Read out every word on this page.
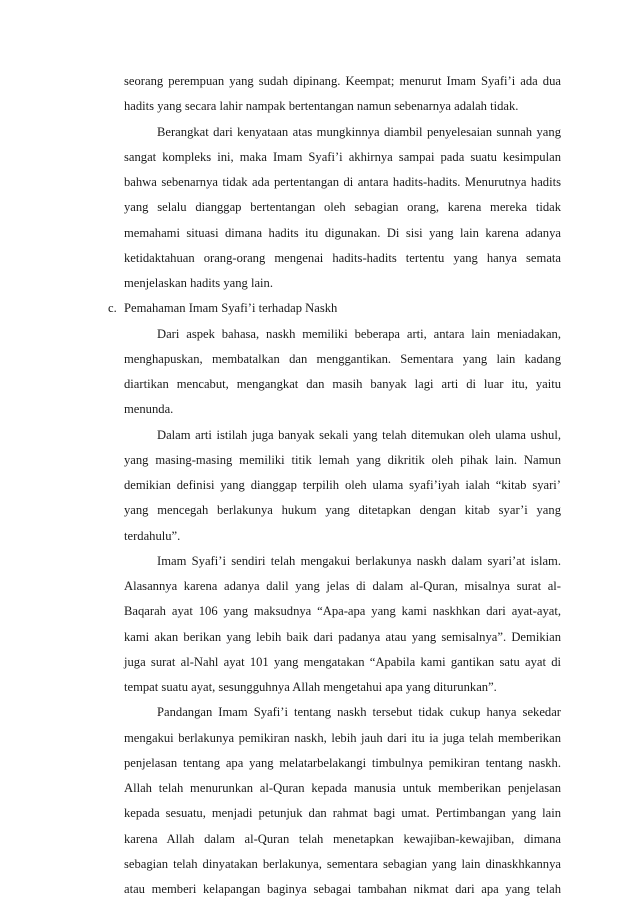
seorang perempuan yang sudah dipinang. Keempat; menurut Imam Syafi’i ada dua
hadits yang secara lahir nampak bertentangan namun sebenarnya adalah tidak.
Berangkat dari kenyataan atas mungkinnya diambil penyelesaian sunnah yang
sangat kompleks ini, maka Imam Syafi’i akhirnya sampai pada suatu kesimpulan
bahwa sebenarnya tidak ada pertentangan di antara hadits-hadits. Menurutnya hadits
yang selalu dianggap bertentangan oleh sebagian orang, karena mereka tidak
memahami situasi dimana hadits itu digunakan. Di sisi yang lain karena adanya
ketidaktahuan orang-orang mengenai hadits-hadits tertentu yang hanya semata
menjelaskan hadits yang lain.
c. Pemahaman Imam Syafi’i terhadap Naskh
Dari aspek bahasa, naskh memiliki beberapa arti, antara lain meniadakan,
menghapuskan, membatalkan dan menggantikan. Sementara yang lain kadang
diartikan mencabut, mengangkat dan masih banyak lagi arti di luar itu, yaitu
menunda.
Dalam arti istilah juga banyak sekali yang telah ditemukan oleh ulama ushul,
yang masing-masing memiliki titik lemah yang dikritik oleh pihak lain. Namun
demikian definisi yang dianggap terpilih oleh ulama syafi’iyah ialah “kitab syari’
yang mencegah berlakunya hukum yang ditetapkan dengan kitab syar’i yang
terdahulu”.
Imam Syafi’i sendiri telah mengakui berlakunya naskh dalam syari’at islam.
Alasannya karena adanya dalil yang jelas di dalam al-Quran, misalnya surat al-
Baqarah ayat 106 yang maksudnya “Apa-apa yang kami naskhkan dari ayat-ayat,
kami akan berikan yang lebih baik dari padanya atau yang semisalnya”. Demikian
juga surat al-Nahl ayat 101 yang mengatakan “Apabila kami gantikan satu ayat di
tempat suatu ayat, sesungguhnya Allah mengetahui apa yang diturunkan”.
Pandangan Imam Syafi’i tentang naskh tersebut tidak cukup hanya sekedar
mengakui berlakunya pemikiran naskh, lebih jauh dari itu ia juga telah memberikan
penjelasan tentang apa yang melatarbelakangi timbulnya pemikiran tentang naskh.
Allah telah menurunkan al-Quran kepada manusia untuk memberikan penjelasan
kepada sesuatu, menjadi petunjuk dan rahmat bagi umat. Pertimbangan yang lain
karena Allah dalam al-Quran telah menetapkan kewajiban-kewajiban, dimana
sebagian telah dinyatakan berlakunya, sementara sebagian yang lain dinaskhkannya
atau memberi kelapangan baginya sebagai tambahan nikmat dari apa yang telah
